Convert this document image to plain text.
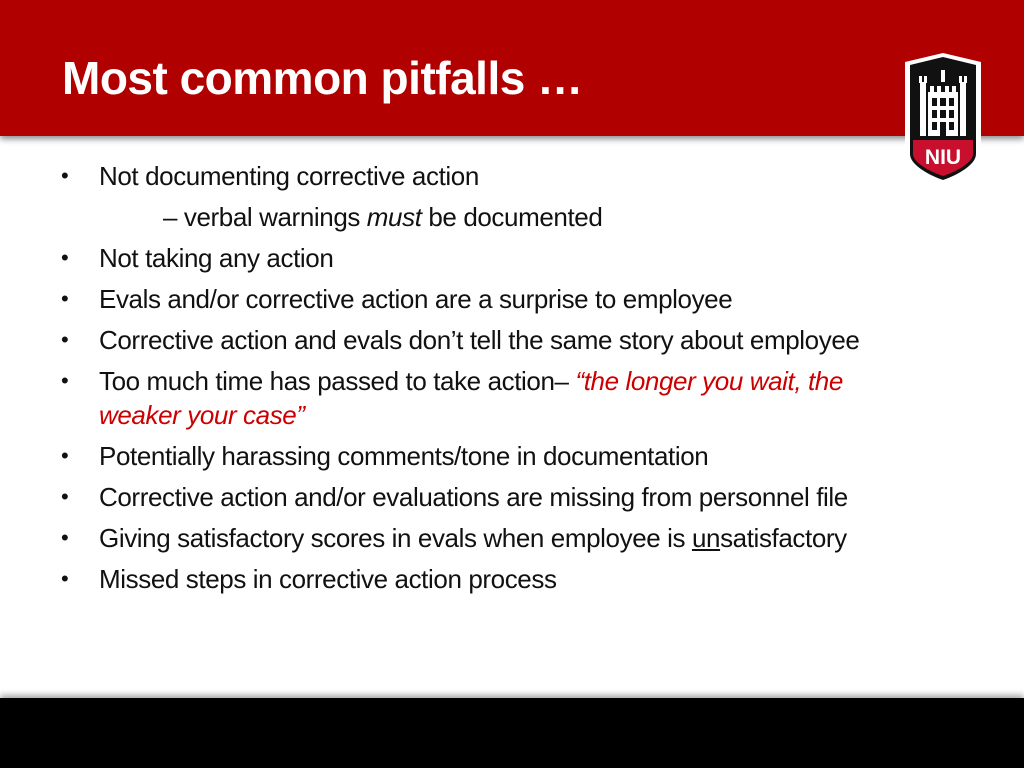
Most common pitfalls …
NIU
• Not documenting corrective action
– verbal warnings must be documented
• Not taking any action
• Evals and/or corrective action are a surprise to employee
• Corrective action and evals don’t tell the same story about employee
• Too much time has passed to take action– “the longer you wait, the
weaker your case”
• Potentially harassing comments/tone in documentation
• Corrective action and/or evaluations are missing from personnel file
• Giving satisfactory scores in evals when employee is unsatisfactory
• Missed steps in corrective action process
